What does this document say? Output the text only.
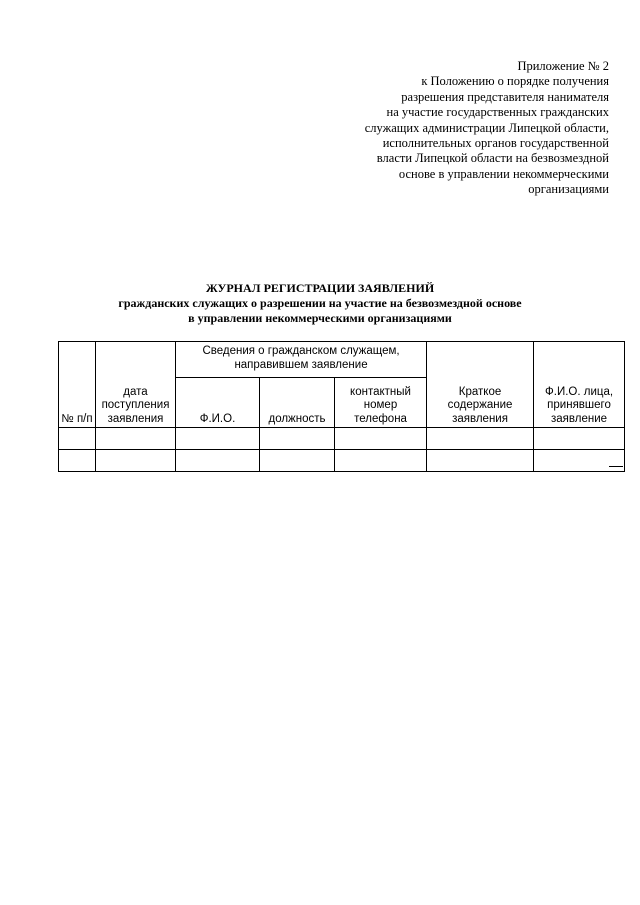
Приложение № 2
к Положению о порядке получения
разрешения представителя нанимателя
на участие государственных гражданских
служащих администрации Липецкой области,
исполнительных органов государственной
власти Липецкой области на безвозмездной
основе в управлении некоммерческими
организациями
ЖУРНАЛ РЕГИСТРАЦИИ ЗАЯВЛЕНИЙ
гражданских служащих о разрешении на участие на безвозмездной основе
в управлении некоммерческими организациями
№ п/п	дата поступления заявления	Сведения о гражданском служащем, направившем заявление			Краткое содержание заявления	Ф.И.О. лица, принявшего заявление
		Ф.И.О.	должность	контактный номер телефона		
